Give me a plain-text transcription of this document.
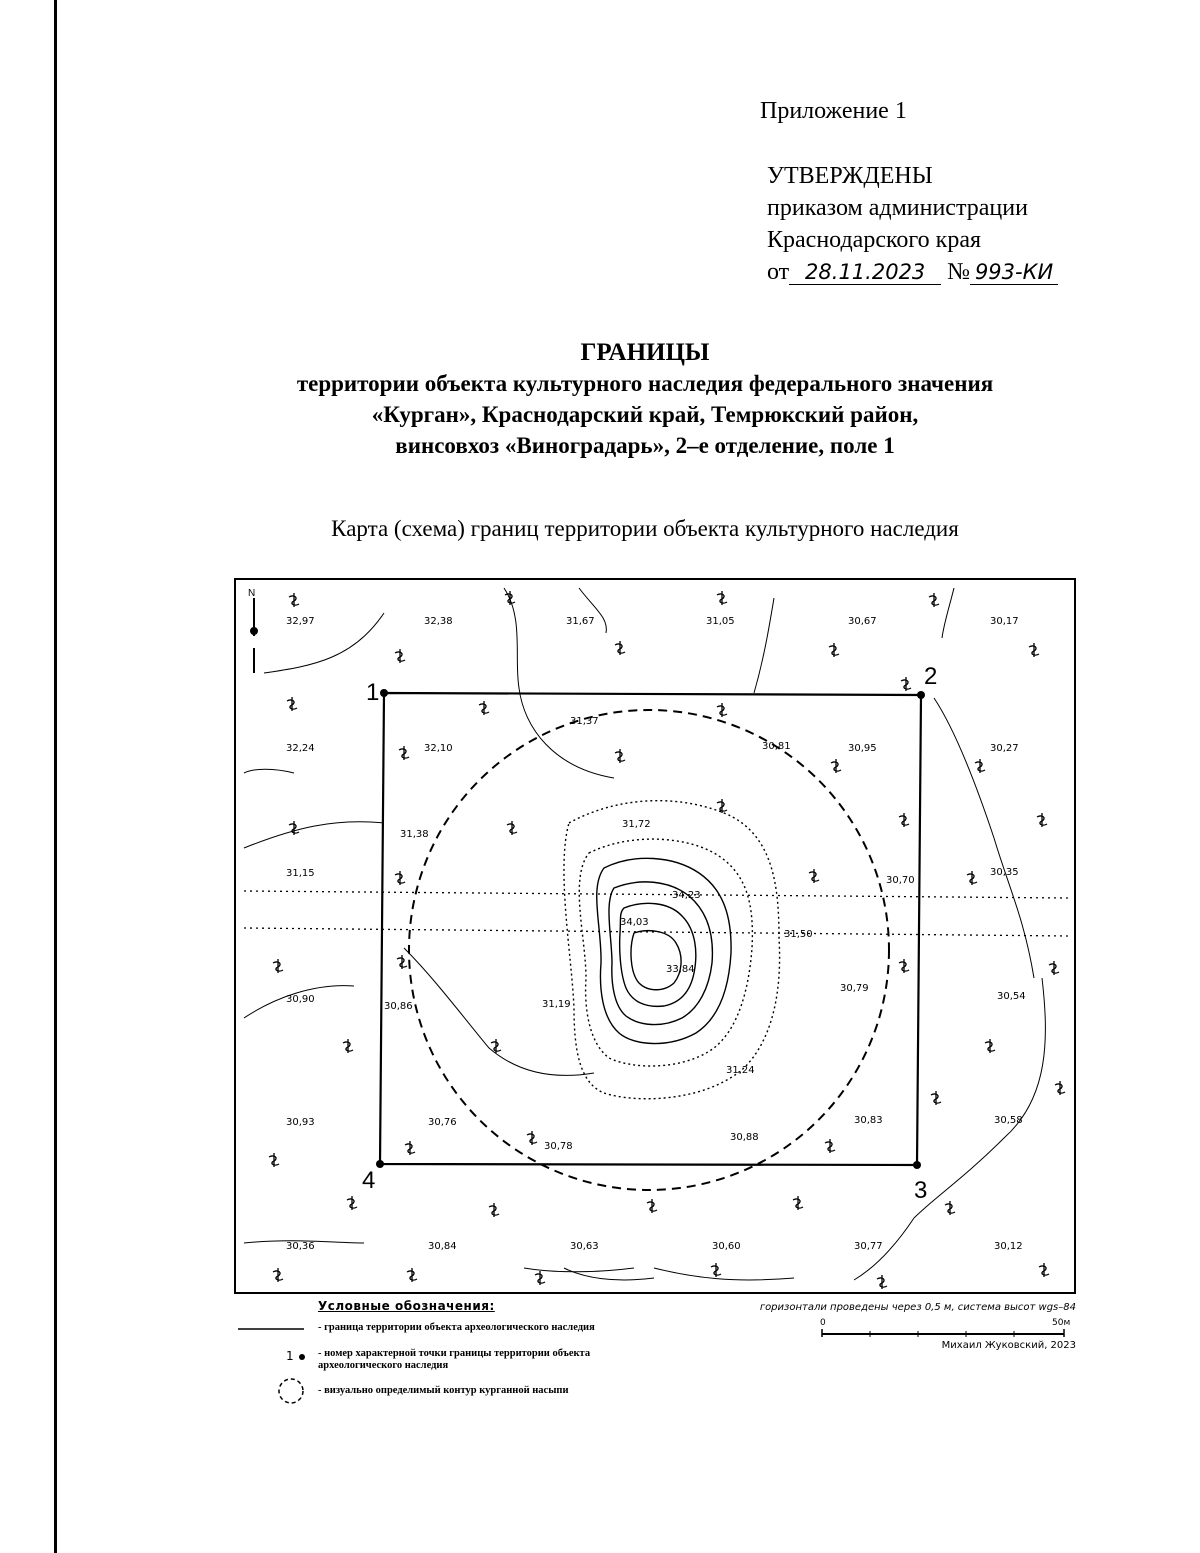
Приложение 1
УТВЕРЖДЕНЫ
приказом администрации
Краснодарского края
от 28.11.2023 № 993-КИ
ГРАНИЦЫ
территории объекта культурного наследия федерального значения
«Курган», Краснодарский край, Темрюкский район,
винсовхоз «Виноградарь», 2–е отделение, поле 1
Карта (схема) границ территории объекта культурного наследия
N
1
2
3
4
32,97	32,38	31,67	31,05	30,67	30,17
32,24	32,10
31,37
30,81	30,95	30,27
31,38
31,72
31,15
34,23
34,03
30,70
30,35
31,50
33,84
30,90
30,86	31,19
30,79
30,54
31,24
30,93	30,76
30,78
30,88
30,83	30,58
30,36	30,84	30,63	30,60	30,77	30,12
Условные обозначения:
- граница территории объекта археологического наследия
1 - номер характерной точки границы территории объекта археологического наследия
- визуально определимый контур курганной насыпи
горизонтали проведены через 0,5 м, система высот wgs–84
0	50м
Михаил Жуковский, 2023
